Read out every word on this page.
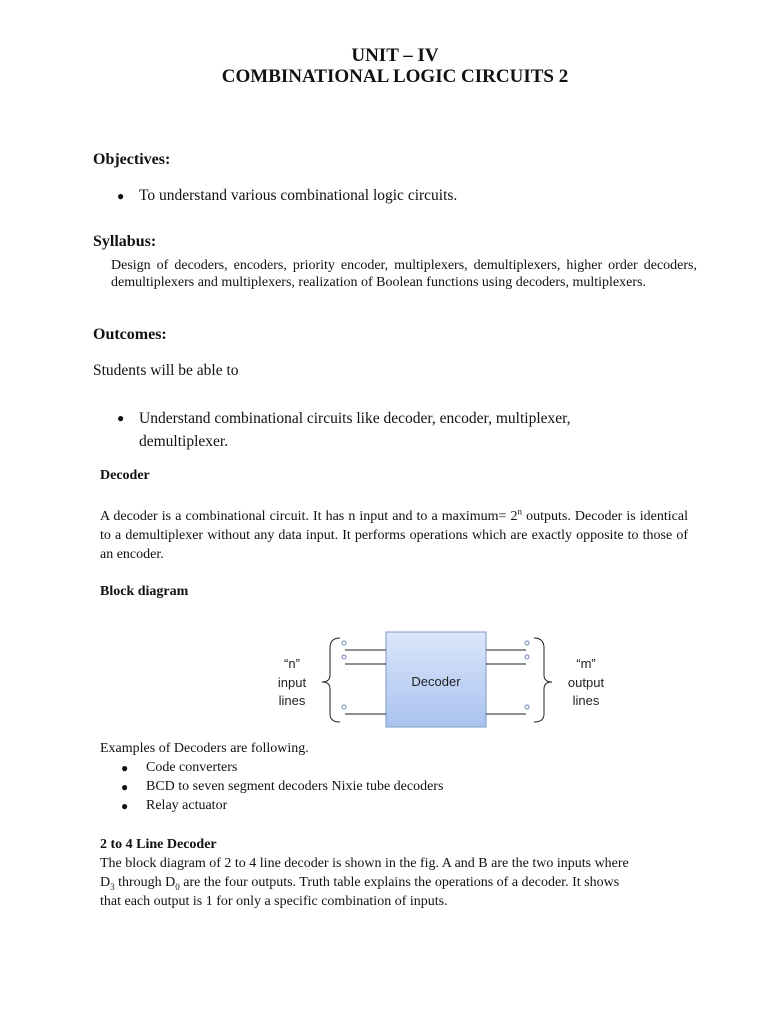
UNIT – IV
COMBINATIONAL LOGIC CIRCUITS 2
Objectives:
● To understand various combinational logic circuits.
Syllabus:
Design of decoders, encoders, priority encoder, multiplexers, demultiplexers, higher order decoders, demultiplexers and multiplexers, realization of Boolean functions using decoders, multiplexers.
Outcomes:
Students will be able to
● Understand combinational circuits like decoder, encoder, multiplexer, demultiplexer.
Decoder
A decoder is a combinational circuit. It has n input and to a maximum= $2^n$ outputs. Decoder is identical to a demultiplexer without any data input. It performs operations which are exactly opposite to those of an encoder.
Block diagram
Decoder
“n”
input
lines
“m”
output
lines
Examples of Decoders are following.
● Code converters
● BCD to seven segment decoders Nixie tube decoders
● Relay actuator
2 to 4 Line Decoder
The block diagram of 2 to 4 line decoder is shown in the fig. A and B are the two inputs where
$D_3$ through $D_0$ are the four outputs. Truth table explains the operations of a decoder. It shows
that each output is 1 for only a specific combination of inputs.
